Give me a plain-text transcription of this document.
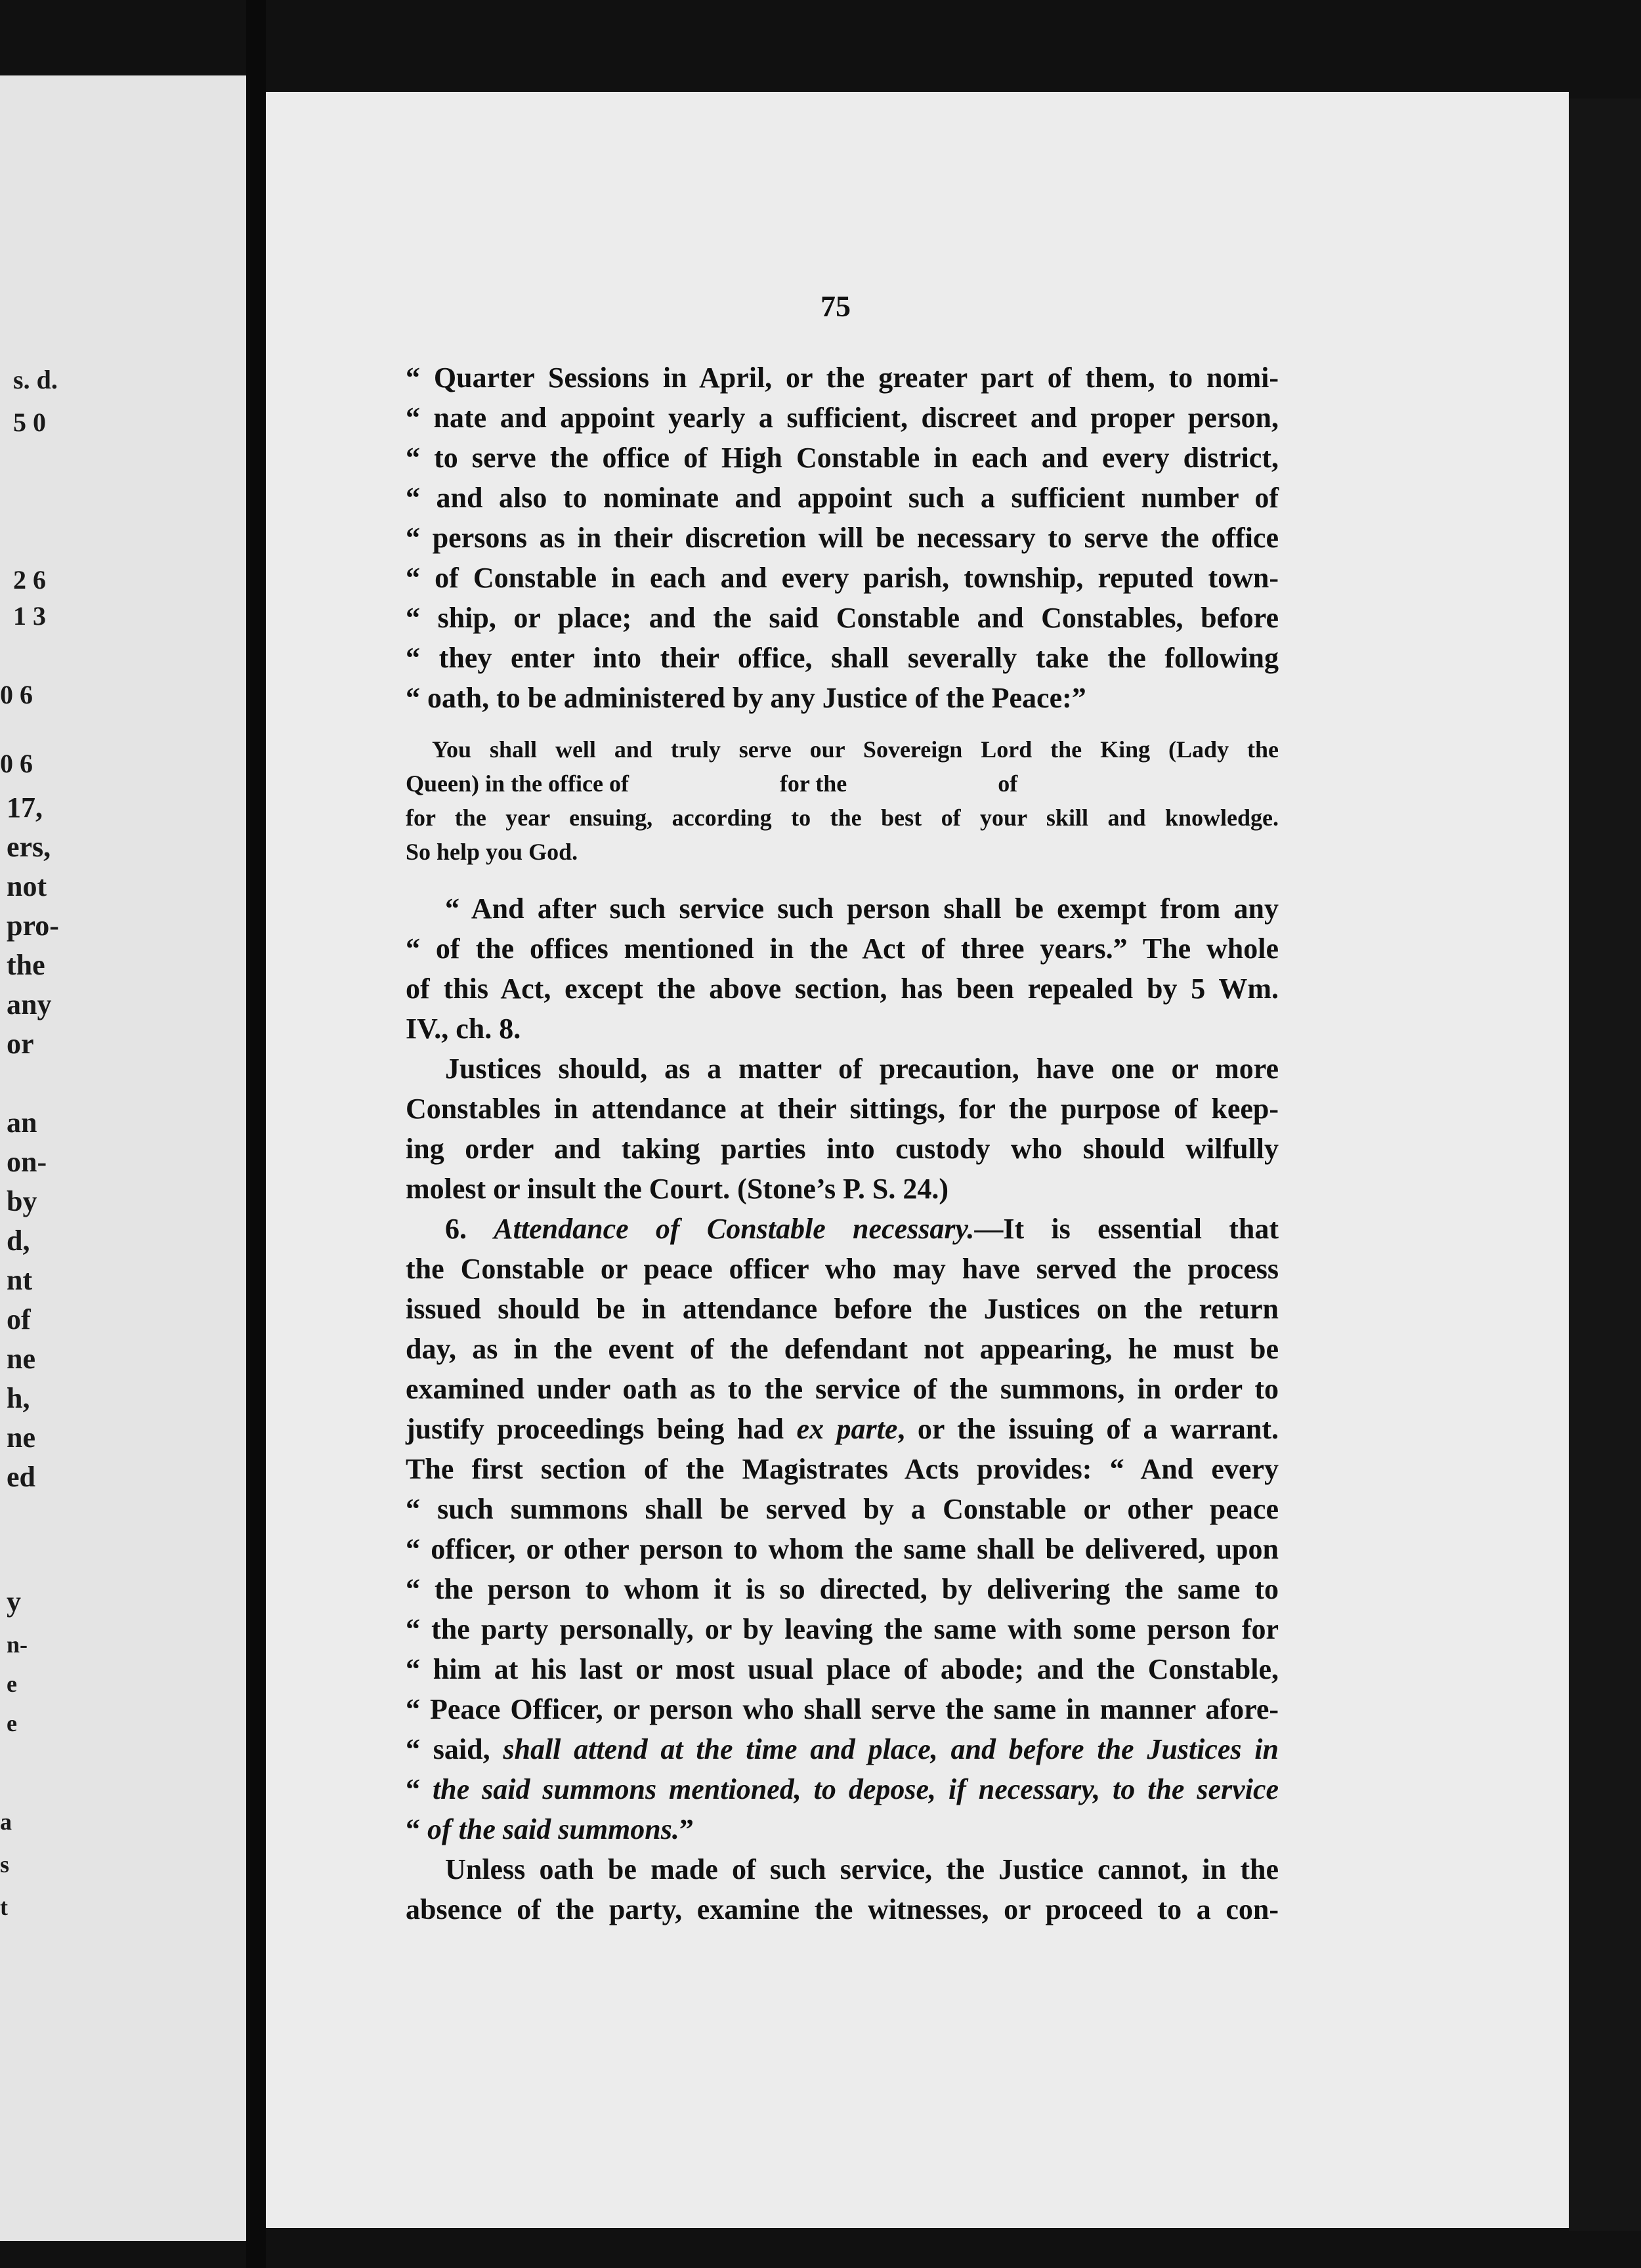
s. d.
5 0
2 6
1 3
0 6
0 6
17,
ers,
not
pro-
the
any
or
an
on-
by
d,
nt
of
ne
h,
ne
ed
y
n-
e
e
a
s
t
75
“ Quarter Sessions in April, or the greater part of them, to nomi-
“ nate and appoint yearly a sufficient, discreet and proper person,
“ to serve the office of High Constable in each and every district,
“ and also to nominate and appoint such a sufficient number of
“ persons as in their discretion will be necessary to serve the office
“ of Constable in each and every parish, township, reputed town-
“ ship, or place; and the said Constable and Constables, before
“ they enter into their office, shall severally take the following
“ oath, to be administered by any Justice of the Peace:”
You shall well and truly serve our Sovereign Lord the King (Lady the
Queen) in the office of	for the	of
for the year ensuing, according to the best of your skill and knowledge.
So help you God.
“ And after such service such person shall be exempt from any
“ of the offices mentioned in the Act of three years.” The whole
of this Act, except the above section, has been repealed by 5 Wm.
IV., ch. 8.
Justices should, as a matter of precaution, have one or more
Constables in attendance at their sittings, for the purpose of keep-
ing order and taking parties into custody who should wilfully
molest or insult the Court. (Stone’s P. S. 24.)
6. Attendance of Constable necessary.—It is essential that
the Constable or peace officer who may have served the process
issued should be in attendance before the Justices on the return
day, as in the event of the defendant not appearing, he must be
examined under oath as to the service of the summons, in order to
justify proceedings being had ex parte, or the issuing of a warrant.
The first section of the Magistrates Acts provides: “ And every
“ such summons shall be served by a Constable or other peace
“ officer, or other person to whom the same shall be delivered, upon
“ the person to whom it is so directed, by delivering the same to
“ the party personally, or by leaving the same with some person for
“ him at his last or most usual place of abode; and the Constable,
“ Peace Officer, or person who shall serve the same in manner afore-
“ said, shall attend at the time and place, and before the Justices in
“ the said summons mentioned, to depose, if necessary, to the service
“ of the said summons.”
Unless oath be made of such service, the Justice cannot, in the
absence of the party, examine the witnesses, or proceed to a con-
